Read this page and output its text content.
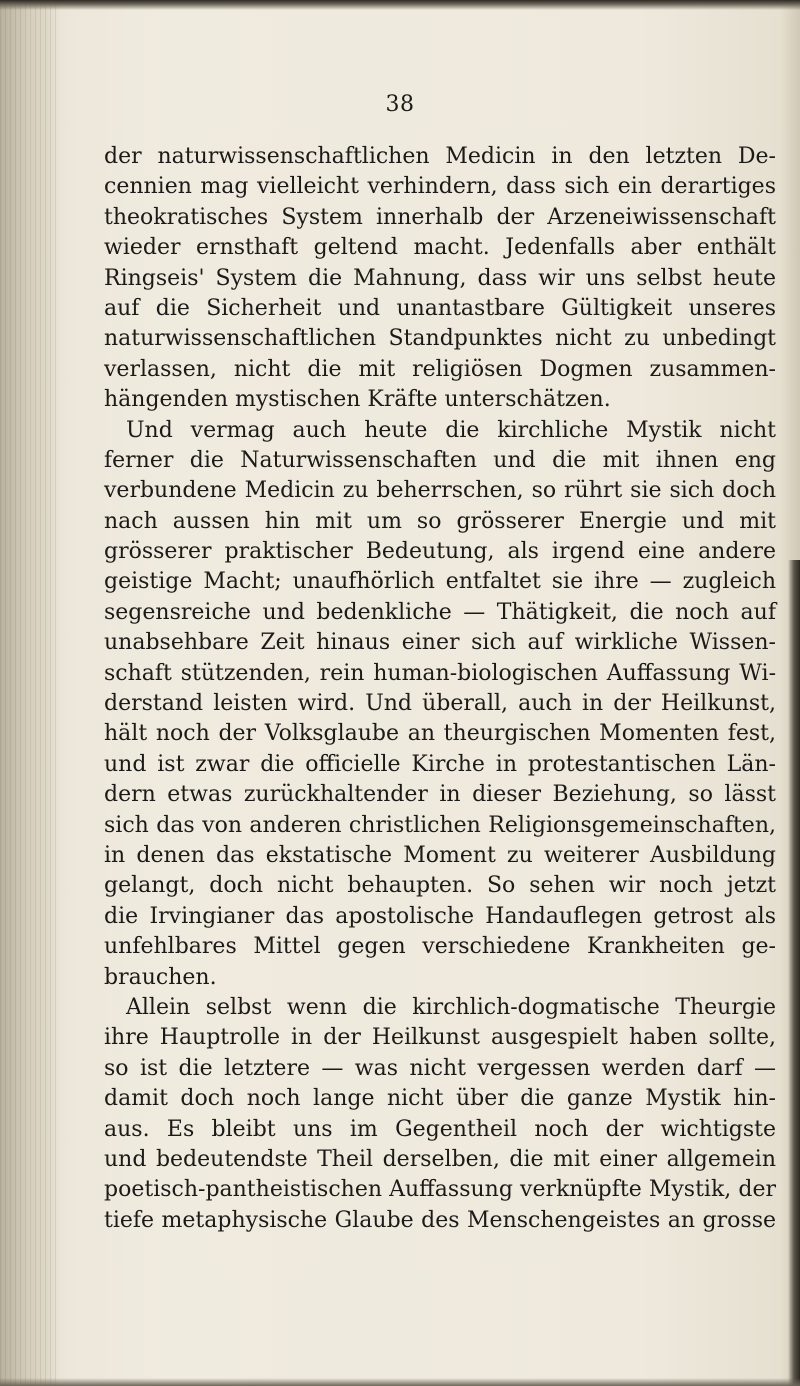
38
der naturwissenschaftlichen Medicin in den letzten De-
cennien mag vielleicht verhindern, dass sich ein derartiges
theokratisches System innerhalb der Arzeneiwissenschaft
wieder ernsthaft geltend macht. Jedenfalls aber enthält
Ringseis' System die Mahnung, dass wir uns selbst heute
auf die Sicherheit und unantastbare Gültigkeit unseres
naturwissenschaftlichen Standpunktes nicht zu unbedingt
verlassen, nicht die mit religiösen Dogmen zusammen-
hängenden mystischen Kräfte unterschätzen.
Und vermag auch heute die kirchliche Mystik nicht
ferner die Naturwissenschaften und die mit ihnen eng
verbundene Medicin zu beherrschen, so rührt sie sich doch
nach aussen hin mit um so grösserer Energie und mit
grösserer praktischer Bedeutung, als irgend eine andere
geistige Macht; unaufhörlich entfaltet sie ihre — zugleich
segensreiche und bedenkliche — Thätigkeit, die noch auf
unabsehbare Zeit hinaus einer sich auf wirkliche Wissen-
schaft stützenden, rein human-biologischen Auffassung Wi-
derstand leisten wird. Und überall, auch in der Heilkunst,
hält noch der Volksglaube an theurgischen Momenten fest,
und ist zwar die officielle Kirche in protestantischen Län-
dern etwas zurückhaltender in dieser Beziehung, so lässt
sich das von anderen christlichen Religionsgemeinschaften,
in denen das ekstatische Moment zu weiterer Ausbildung
gelangt, doch nicht behaupten. So sehen wir noch jetzt
die Irvingianer das apostolische Handauflegen getrost als
unfehlbares Mittel gegen verschiedene Krankheiten ge-
brauchen.
Allein selbst wenn die kirchlich-dogmatische Theurgie
ihre Hauptrolle in der Heilkunst ausgespielt haben sollte,
so ist die letztere — was nicht vergessen werden darf —
damit doch noch lange nicht über die ganze Mystik hin-
aus. Es bleibt uns im Gegentheil noch der wichtigste
und bedeutendste Theil derselben, die mit einer allgemein
poetisch-pantheistischen Auffassung verknüpfte Mystik, der
tiefe metaphysische Glaube des Menschengeistes an grosse
